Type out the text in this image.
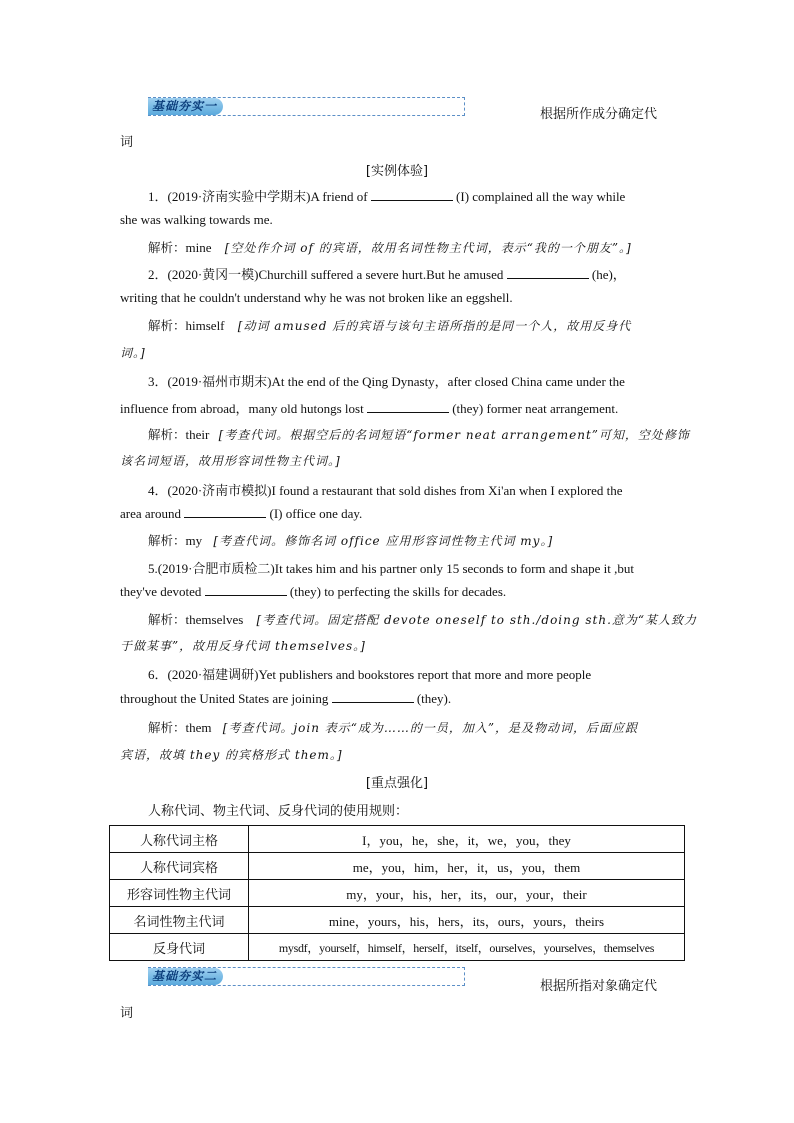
基础夯实一
根据所作成分确定代
词
[实例体验]
1．(2019·济南实验中学期末)A friend of	(I) complained all the way while
she was walking towards me.
解析：mine [空处作介词 of 的宾语，故用名词性物主代词，表示“我的一个朋友”。]
2．(2020·黄冈一模)Churchill suffered a severe hurt.But he amused	(he)，
writing that he couldn't understand why he was not broken like an eggshell.
解析：himself [动词 amused 后的宾语与该句主语所指的是同一个人，故用反身代
词。]
3．(2019·福州市期末)At the end of the Qing Dynasty，after closed China came under the
influence from abroad，many old hutongs lost	(they) former neat arrangement.
解析：their [考查代词。根据空后的名词短语“former neat arrangement”可知，空处修饰
该名词短语，故用形容词性物主代词。]
4．(2020·济南市模拟)I found a restaurant that sold dishes from Xi'an when I explored the
area around	(I) office one day.
解析：my [考查代词。修饰名词 office 应用形容词性物主代词 my。]
5.(2019·合肥市质检二)It takes him and his partner only 15 seconds to form and shape it ,but
they've devoted	(they) to perfecting the skills for decades.
解析：themselves [考查代词。固定搭配 devote oneself to sth./doing sth.意为“某人致力
于做某事”，故用反身代词 themselves。]
6．(2020·福建调研)Yet publishers and bookstores report that more and more people
throughout the United States are joining	(they).
解析：them [考查代词。join 表示“成为……的一员，加入”，是及物动词，后面应跟
宾语，故填 they 的宾格形式 them。]
[重点强化]
人称代词、物主代词、反身代词的使用规则：
人称代词主格	I，you，he，she，it，we，you，they
人称代词宾格	me，you，him，her，it，us，you，them
形容词性物主代词	my，your，his，her，its，our，your，their
名词性物主代词	mine，yours，his，hers，its，ours，yours，theirs
反身代词	mysdf，yourself，himself，herself，itself，ourselves，yourselves，themselves
基础夯实二
根据所指对象确定代
词
